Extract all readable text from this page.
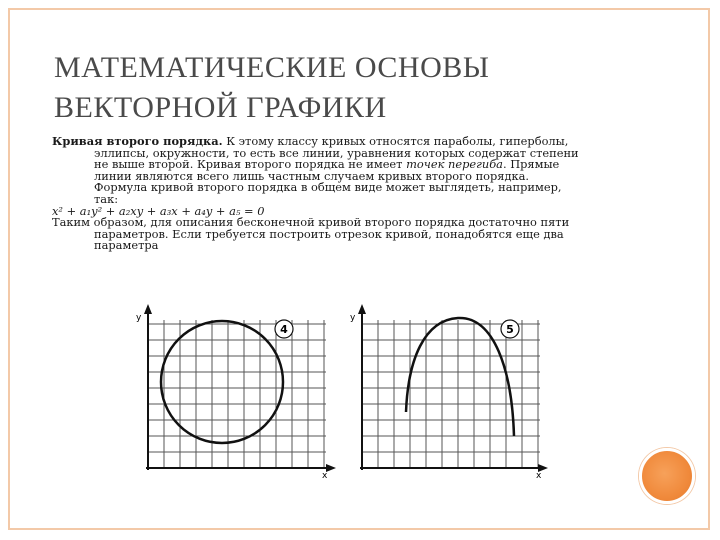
МАТЕМАТИЧЕСКИЕ ОСНОВЫ
ВЕКТОРНОЙ ГРАФИКИ
Кривая второго порядка. К этому классу кривых относятся параболы, гиперболы,
эллипсы, окружности, то есть все линии, уравнения которых содержат степени
не выше второй. Кривая второго порядка не имеет точек перегиба. Прямые
линии являются всего лишь частным случаем кривых второго порядка.
Формула кривой второго порядка в общем виде может выглядеть, например,
так:
x² + a₁y² + a₂xy + a₃x + a₄y + a₅ = 0
Таким образом, для описания бесконечной кривой второго порядка достаточно пяти
параметров. Если требуется построить отрезок кривой, понадобятся еще два
параметра
y
x
4
y
x
5
